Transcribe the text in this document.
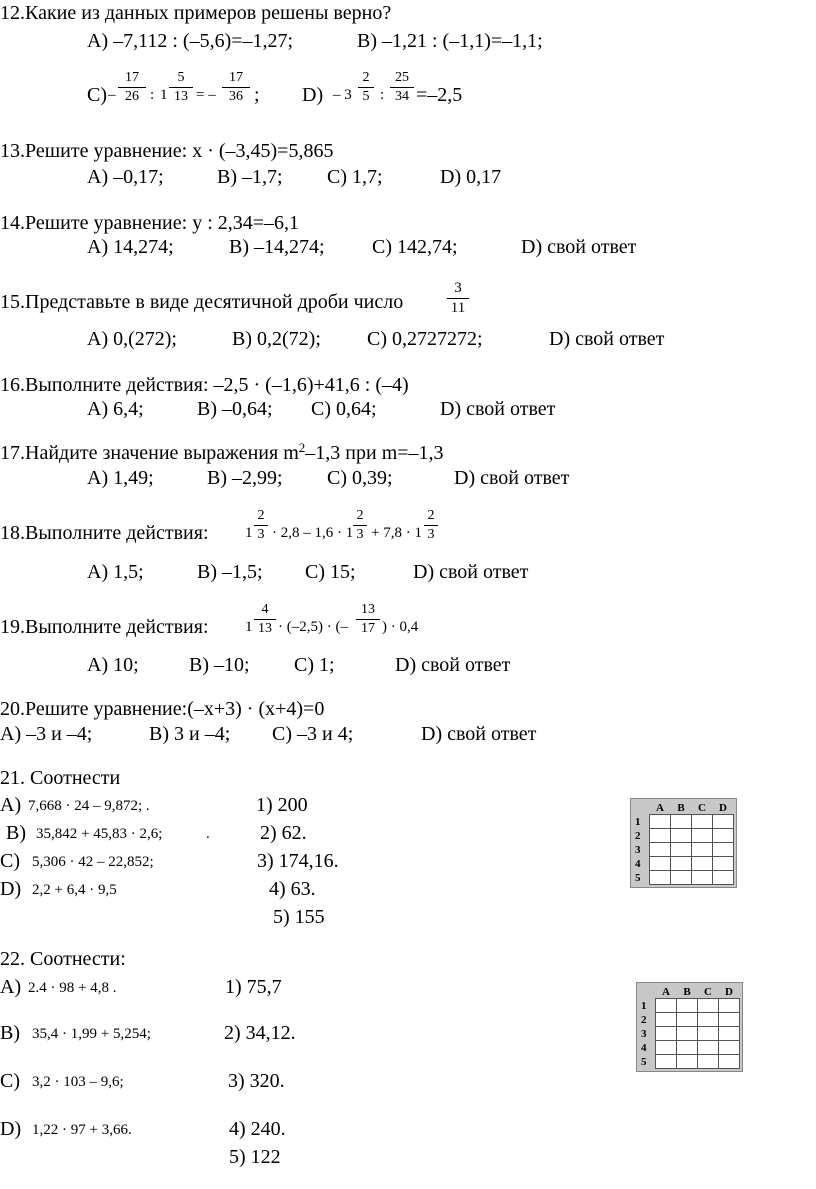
12.Какие из данных примеров решены верно?
A) –7,112 : (–5,6)=–1,27;	B) –1,21 : (–1,1)=–1,1;
C) –
17
26 : 1
5
13 = –
17
36 ; D) – 3
2
5 :
25
34 =–2,5
13.Решите уравнение: x · (–3,45)=5,865
A) –0,17;	B) –1,7; C) 1,7;	D) 0,17
14.Решите уравнение: y : 2,34=–6,1
A) 14,274;	B) –14,274; C) 142,74;	D) свой ответ
15.Представьте в виде десятичной дроби число
3
11
A) 0,(272);	B) 0,2(72); C) 0,2727272;	D) свой ответ
16.Выполните действия: –2,5 · (–1,6)+41,6 : (–4)
A) 6,4;	B) –0,64; C) 0,64;	D) свой ответ
17.Найдите значение выражения $m^2-1,3$ при m=–1,3
A) 1,49;	B) –2,99; C) 0,39;	D) свой ответ
18.Выполните действия: 1
2
3 · 2,8 – 1,6 · 1
2
3 + 7,8 · 1
2
3
A) 1,5;	B) –1,5; C) 15;	D) свой ответ
19.Выполните действия: 1
4
13 · (–2,5) · (–
13
17 ) · 0,4
A) 10;	B) –10; C) 1;	D) свой ответ
20.Решите уравнение:(–x+3) · (x+4)=0
A) –3 и –4;	B) 3 и –4; C) –3 и 4;	D) свой ответ
21. Соотнести
A) 7,668 · 24 – 9,872; .
B) 35,842 + 45,83 · 2,6;	.
C) 5,306 · 42 – 22,852;
D) 2,2 + 6,4 · 9,5
1) 200
2) 62.
3) 174,16.
4) 63.
5) 155
	A	B	C	D
1				
2				
3				
4				
5				
22. Соотнести:
A) 2.4 · 98 + 4,8 .
B) 35,4 · 1,99 + 5,254;
C) 3,2 · 103 – 9,6;
D) 1,22 · 97 + 3,66.
1) 75,7
2) 34,12.
3) 320.
4) 240.
5) 122
	A	B	C	D
1				
2				
3				
4				
5				
